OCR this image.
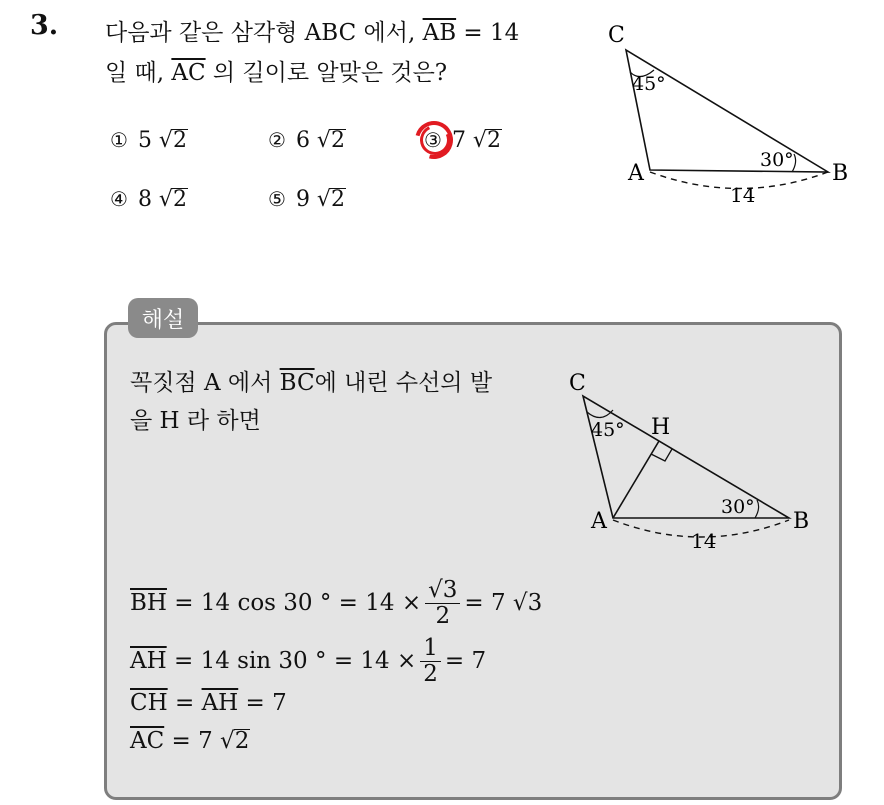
3. 다음과 같은 삼각형 ABC 에서, $\overline{AB} = 14$
일 때, $\overline{AC}$ 의 길이로 알맞은 것은?
① 5 √2	② 6 √2	③ 7 √2
④ 8 √2	⑤ 9 √2
C
A	B
45°
30°
14
해설
꼭짓점 A 에서 $\overline{BC}$에 내린 수선의 발
을 H 라 하면
C
H
A	B
45°
30°
14
$\overline{BH} = 14$ cos 30 ° = $14 \times \frac{√3}{2} = 7$ √3
$\overline{AH} = 14$ sin 30 ° = $14 \times \frac{1}{2} = 7$
$\overline{CH} = \overline{AH} = 7$
$\overline{AC} = 7$ √2
